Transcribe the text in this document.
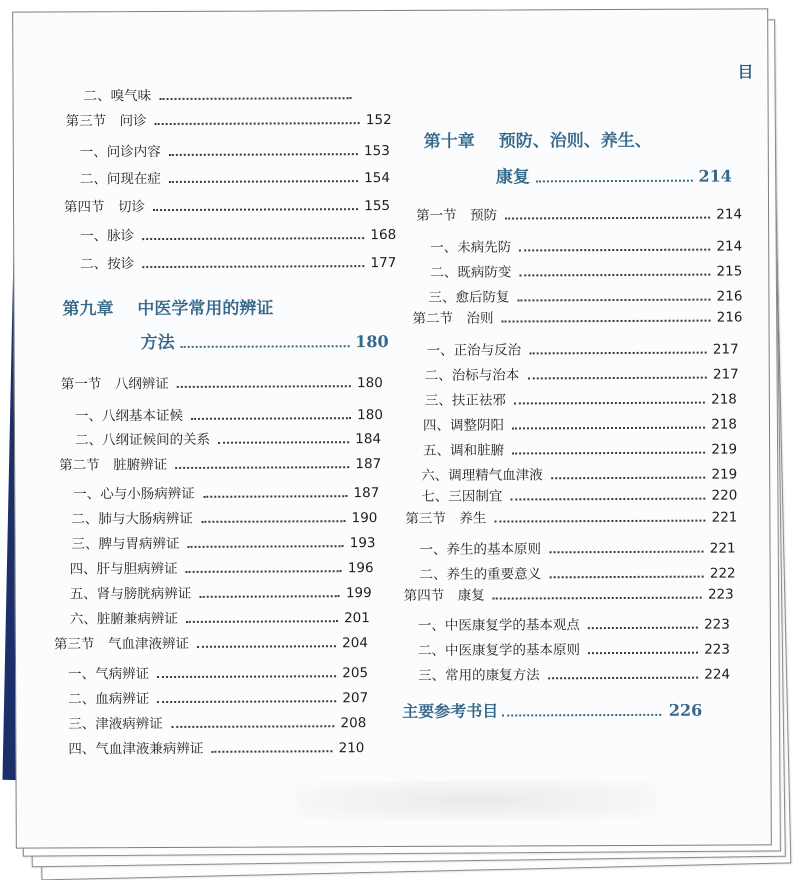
目
二、嗅气味
第三节　问诊	152
一、问诊内容	153
二、问现在症	154
第四节　切诊	155
一、脉诊	168
二、按诊	177
第九章 中医学常用的辨证
方法	180
第一节　八纲辨证	180
一、八纲基本证候	180
二、八纲证候间的关系	184
第二节　脏腑辨证	187
一、心与小肠病辨证	187
二、肺与大肠病辨证	190
三、脾与胃病辨证	193
四、肝与胆病辨证	196
五、肾与膀胱病辨证	199
六、脏腑兼病辨证	201
第三节　气血津液辨证	204
一、气病辨证	205
二、血病辨证	207
三、津液病辨证	208
四、气血津液兼病辨证	210
第十章 预防、治则、养生、
康复	214
第一节　预防	214
一、未病先防	214
二、既病防变	215
三、愈后防复	216
第二节　治则	216
一、正治与反治	217
二、治标与治本	217
三、扶正祛邪	218
四、调整阴阳	218
五、调和脏腑	219
六、调理精气血津液	219
七、三因制宜	220
第三节　养生	221
一、养生的基本原则	221
二、养生的重要意义	222
第四节　康复	223
一、中医康复学的基本观点	223
二、中医康复学的基本原则	223
三、常用的康复方法	224
主要参考书目	226
